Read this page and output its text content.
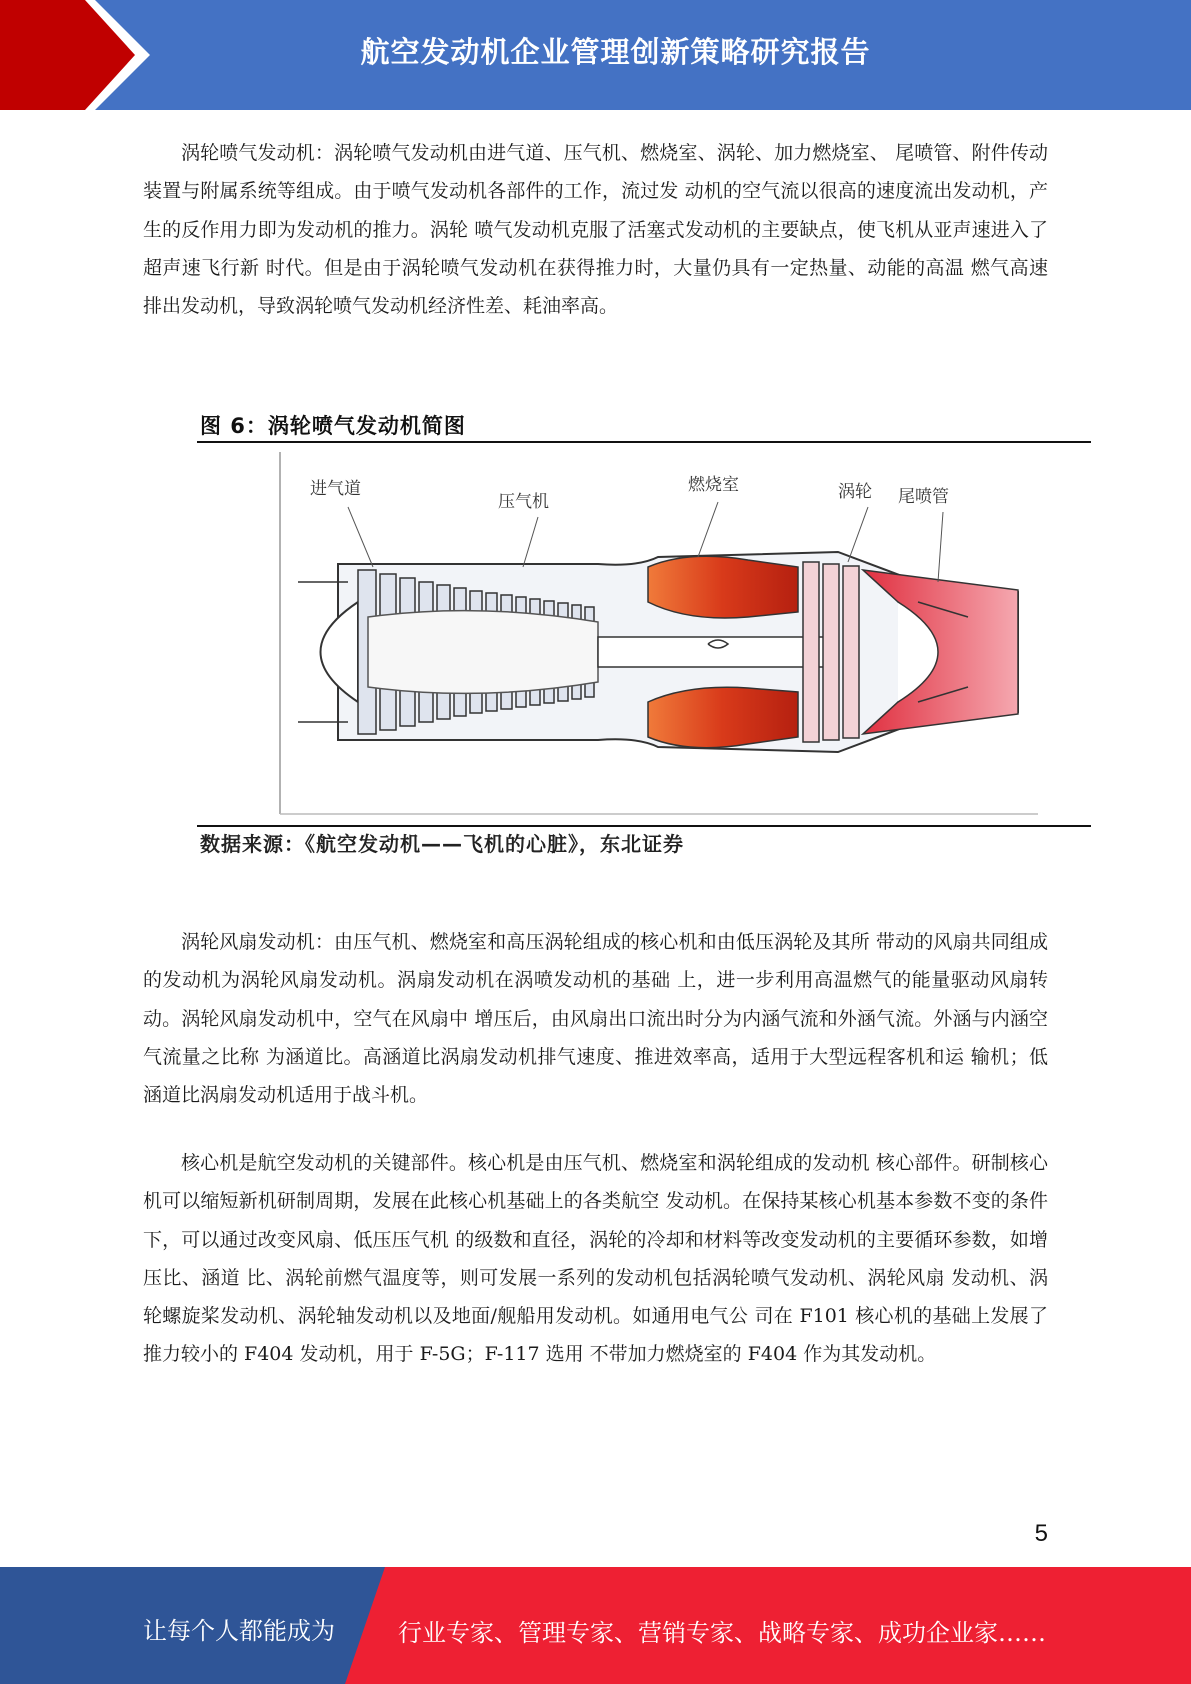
航空发动机企业管理创新策略研究报告

涡轮喷气发动机：涡轮喷气发动机由进气道、压气机、燃烧室、涡轮、加力燃烧室、 尾喷管、附件传动装置与附属系统等组成。由于喷气发动机各部件的工作，流过发 动机的空气流以很高的速度流出发动机，产生的反作用力即为发动机的推力。涡轮 喷气发动机克服了活塞式发动机的主要缺点，使飞机从亚声速进入了超声速飞行新 时代。但是由于涡轮喷气发动机在获得推力时，大量仍具有一定热量、动能的高温 燃气高速排出发动机，导致涡轮喷气发动机经济性差、耗油率高。

图 6：涡轮喷气发动机简图
进气道
压气机
燃烧室	涡轮 尾喷管
数据来源：《航空发动机——飞机的心脏》，东北证券

涡轮风扇发动机：由压气机、燃烧室和高压涡轮组成的核心机和由低压涡轮及其所 带动的风扇共同组成的发动机为涡轮风扇发动机。涡扇发动机在涡喷发动机的基础 上，进一步利用高温燃气的能量驱动风扇转动。涡轮风扇发动机中，空气在风扇中 增压后，由风扇出口流出时分为内涵气流和外涵气流。外涵与内涵空气流量之比称 为涵道比。高涵道比涡扇发动机排气速度、推进效率高，适用于大型远程客机和运 输机；低涵道比涡扇发动机适用于战斗机。

核心机是航空发动机的关键部件。核心机是由压气机、燃烧室和涡轮组成的发动机 核心部件。研制核心机可以缩短新机研制周期，发展在此核心机基础上的各类航空 发动机。在保持某核心机基本参数不变的条件下，可以通过改变风扇、低压压气机 的级数和直径，涡轮的冷却和材料等改变发动机的主要循环参数，如增压比、涵道 比、涡轮前燃气温度等，则可发展一系列的发动机包括涡轮喷气发动机、涡轮风扇 发动机、涡轮螺旋桨发动机、涡轮轴发动机以及地面/舰船用发动机。如通用电气公 司在 F101 核心机的基础上发展了推力较小的 F404 发动机，用于 F-5G；F-117 选用 不带加力燃烧室的 F404 作为其发动机。

5
让每个人都能成为	行业专家、管理专家、营销专家、战略专家、成功企业家……
